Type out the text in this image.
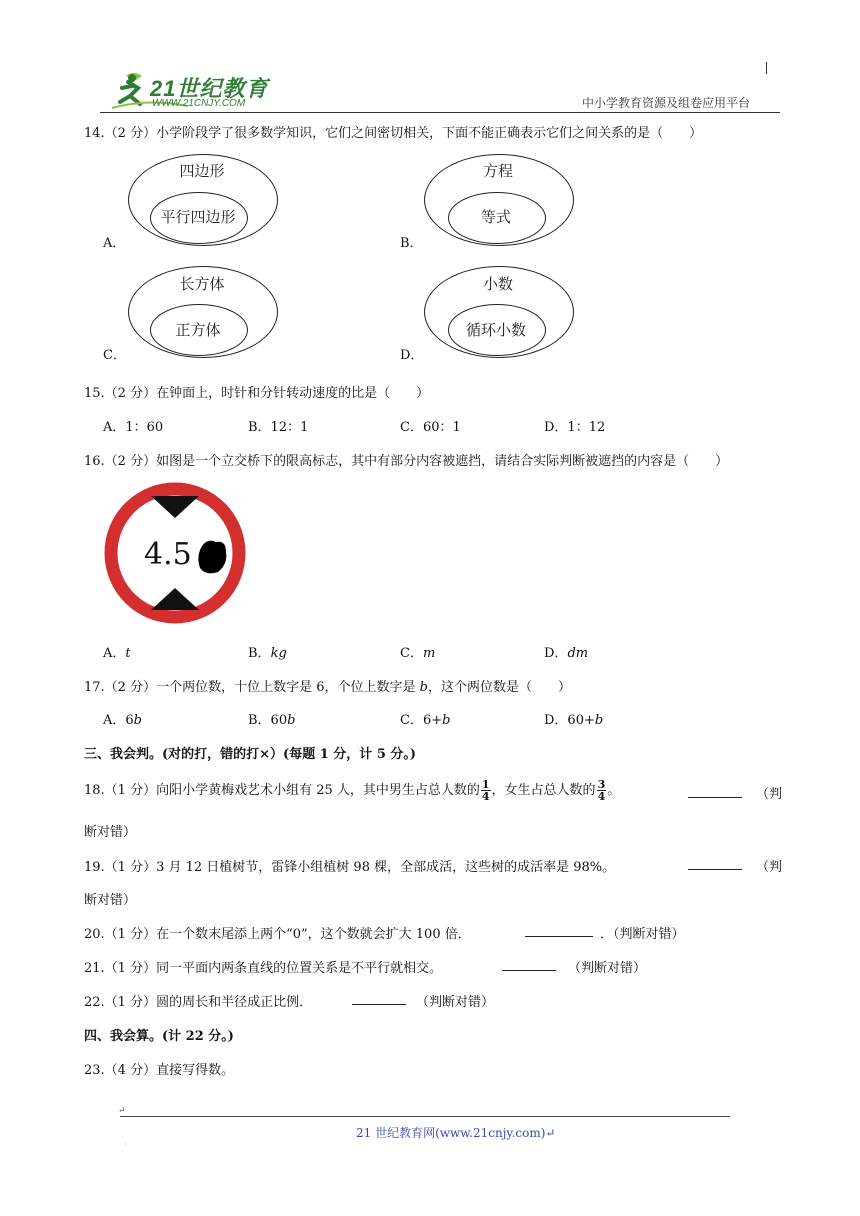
21世纪教育
WWW.21CNJY.COM	中小学教育资源及组卷应用平台
14.（2 分）小学阶段学了很多数学知识，它们之间密切相关，下面不能正确表示它们之间关系的是（　　）
A．
四边形
平行四边形
B．
方程
等式
C．
长方体
正方体
D．
小数
循环小数
15.（2 分）在钟面上，时针和分针转动速度的比是（　　）
A．1：60	B．12：1	C．60：1	D．1：12
16.（2 分）如图是一个立交桥下的限高标志，其中有部分内容被遮挡，请结合实际判断被遮挡的内容是（　　）
4.5
A．t	B．kg	C．m	D．dm
17.（2 分）一个两位数，十位上数字是 6，个位上数字是 b，这个两位数是（　　）
A．6b	B．60b	C．6+b	D．60+b
三、我会判。(对的打，错的打×）(每题 1 分，计 5 分。)
18.（1 分）向阳小学黄梅戏艺术小组有 25 人，其中男生占总人数的 $\frac{1}{4}$ ，女生占总人数的 $\frac{3}{4}$ 。	（判
断对错）
19.（1 分）3 月 12 日植树节，雷锋小组植树 98 棵，全部成活，这些树的成活率是 98%。	（判
断对错）
20.（1 分）在一个数末尾添上两个“0”，这个数就会扩大 100 倍．	．（判断对错）
21.（1 分）同一平面内两条直线的位置关系是不平行就相交。	（判断对错）
22.（1 分）圆的周长和半径成正比例．	（判断对错）
四、我会算。(计 22 分。)
23.（4 分）直接写得数。
↵
21 世纪教育网(www.21cnjy.com)↵
·
